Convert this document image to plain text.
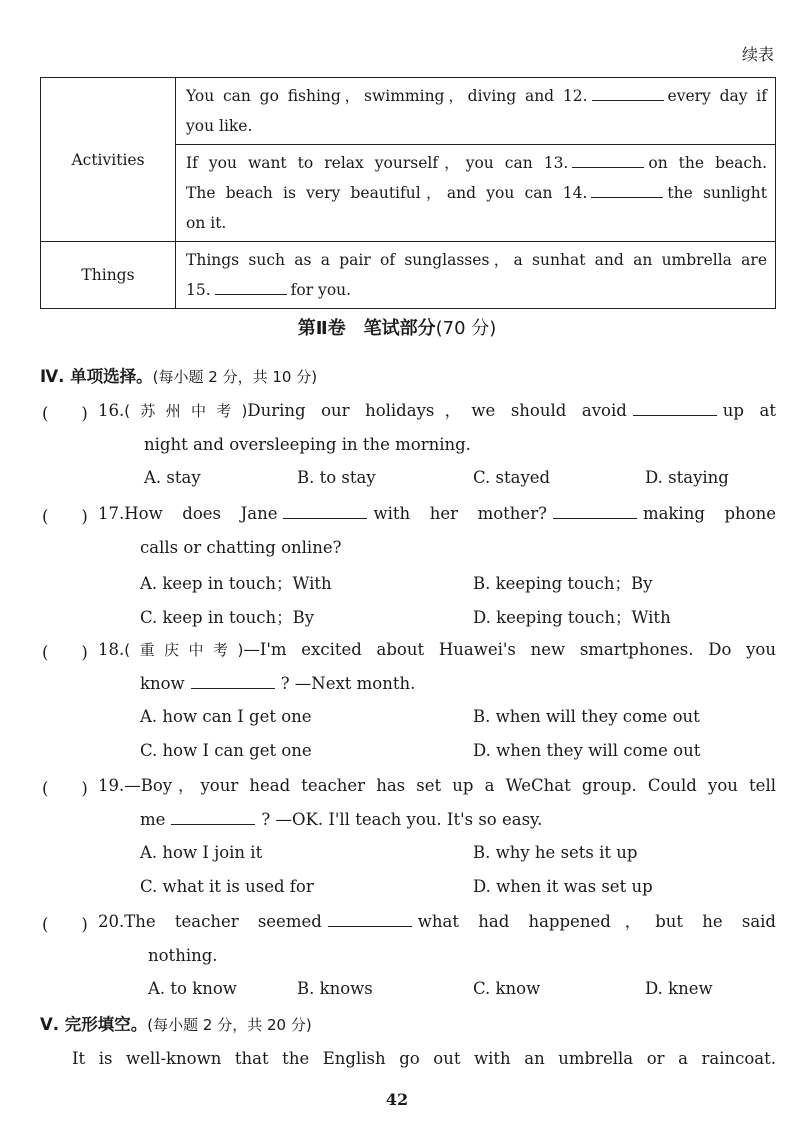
续表
Activities	You can go fishing，swimming，diving and 12. every day if
you like.

	If you want to relax yourself，you can 13. on the beach.
The beach is very beautiful，and you can 14. the sunlight
on it.

Things	Things such as a pair of sunglasses，a sunhat and an umbrella are
15. for you.
第Ⅱ卷　笔试部分(70 分)
Ⅳ. 单项选择。(每小题 2 分，共 10 分)
(　　) 16.(苏州中考)During our holidays，we should avoid	up at
night and oversleeping in the morning.
A. stay	B. to stay	C. stayed	D. staying
(　　) 17.How does Jane	with her mother?	making phone
calls or chatting online?
A. keep in touch；With	B. keeping touch；By
C. keep in touch；By	D. keeping touch；With
(　　) 18.(重庆中考)—I'm excited about Huawei's new smartphones. Do you
know	? —Next month.
A. how can I get one	B. when will they come out
C. how I can get one	D. when they will come out
(　　) 19.—Boy，your head teacher has set up a WeChat group. Could you tell
me	? —OK. I'll teach you. It's so easy.
A. how I join it	B. why he sets it up
C. what it is used for	D. when it was set up
(　　) 20.The teacher seemed	what had happened，but he said
nothing.
A. to know	B. knows	C. know	D. knew
Ⅴ. 完形填空。(每小题 2 分，共 20 分)
It is well-known that the English go out with an umbrella or a raincoat.
42
